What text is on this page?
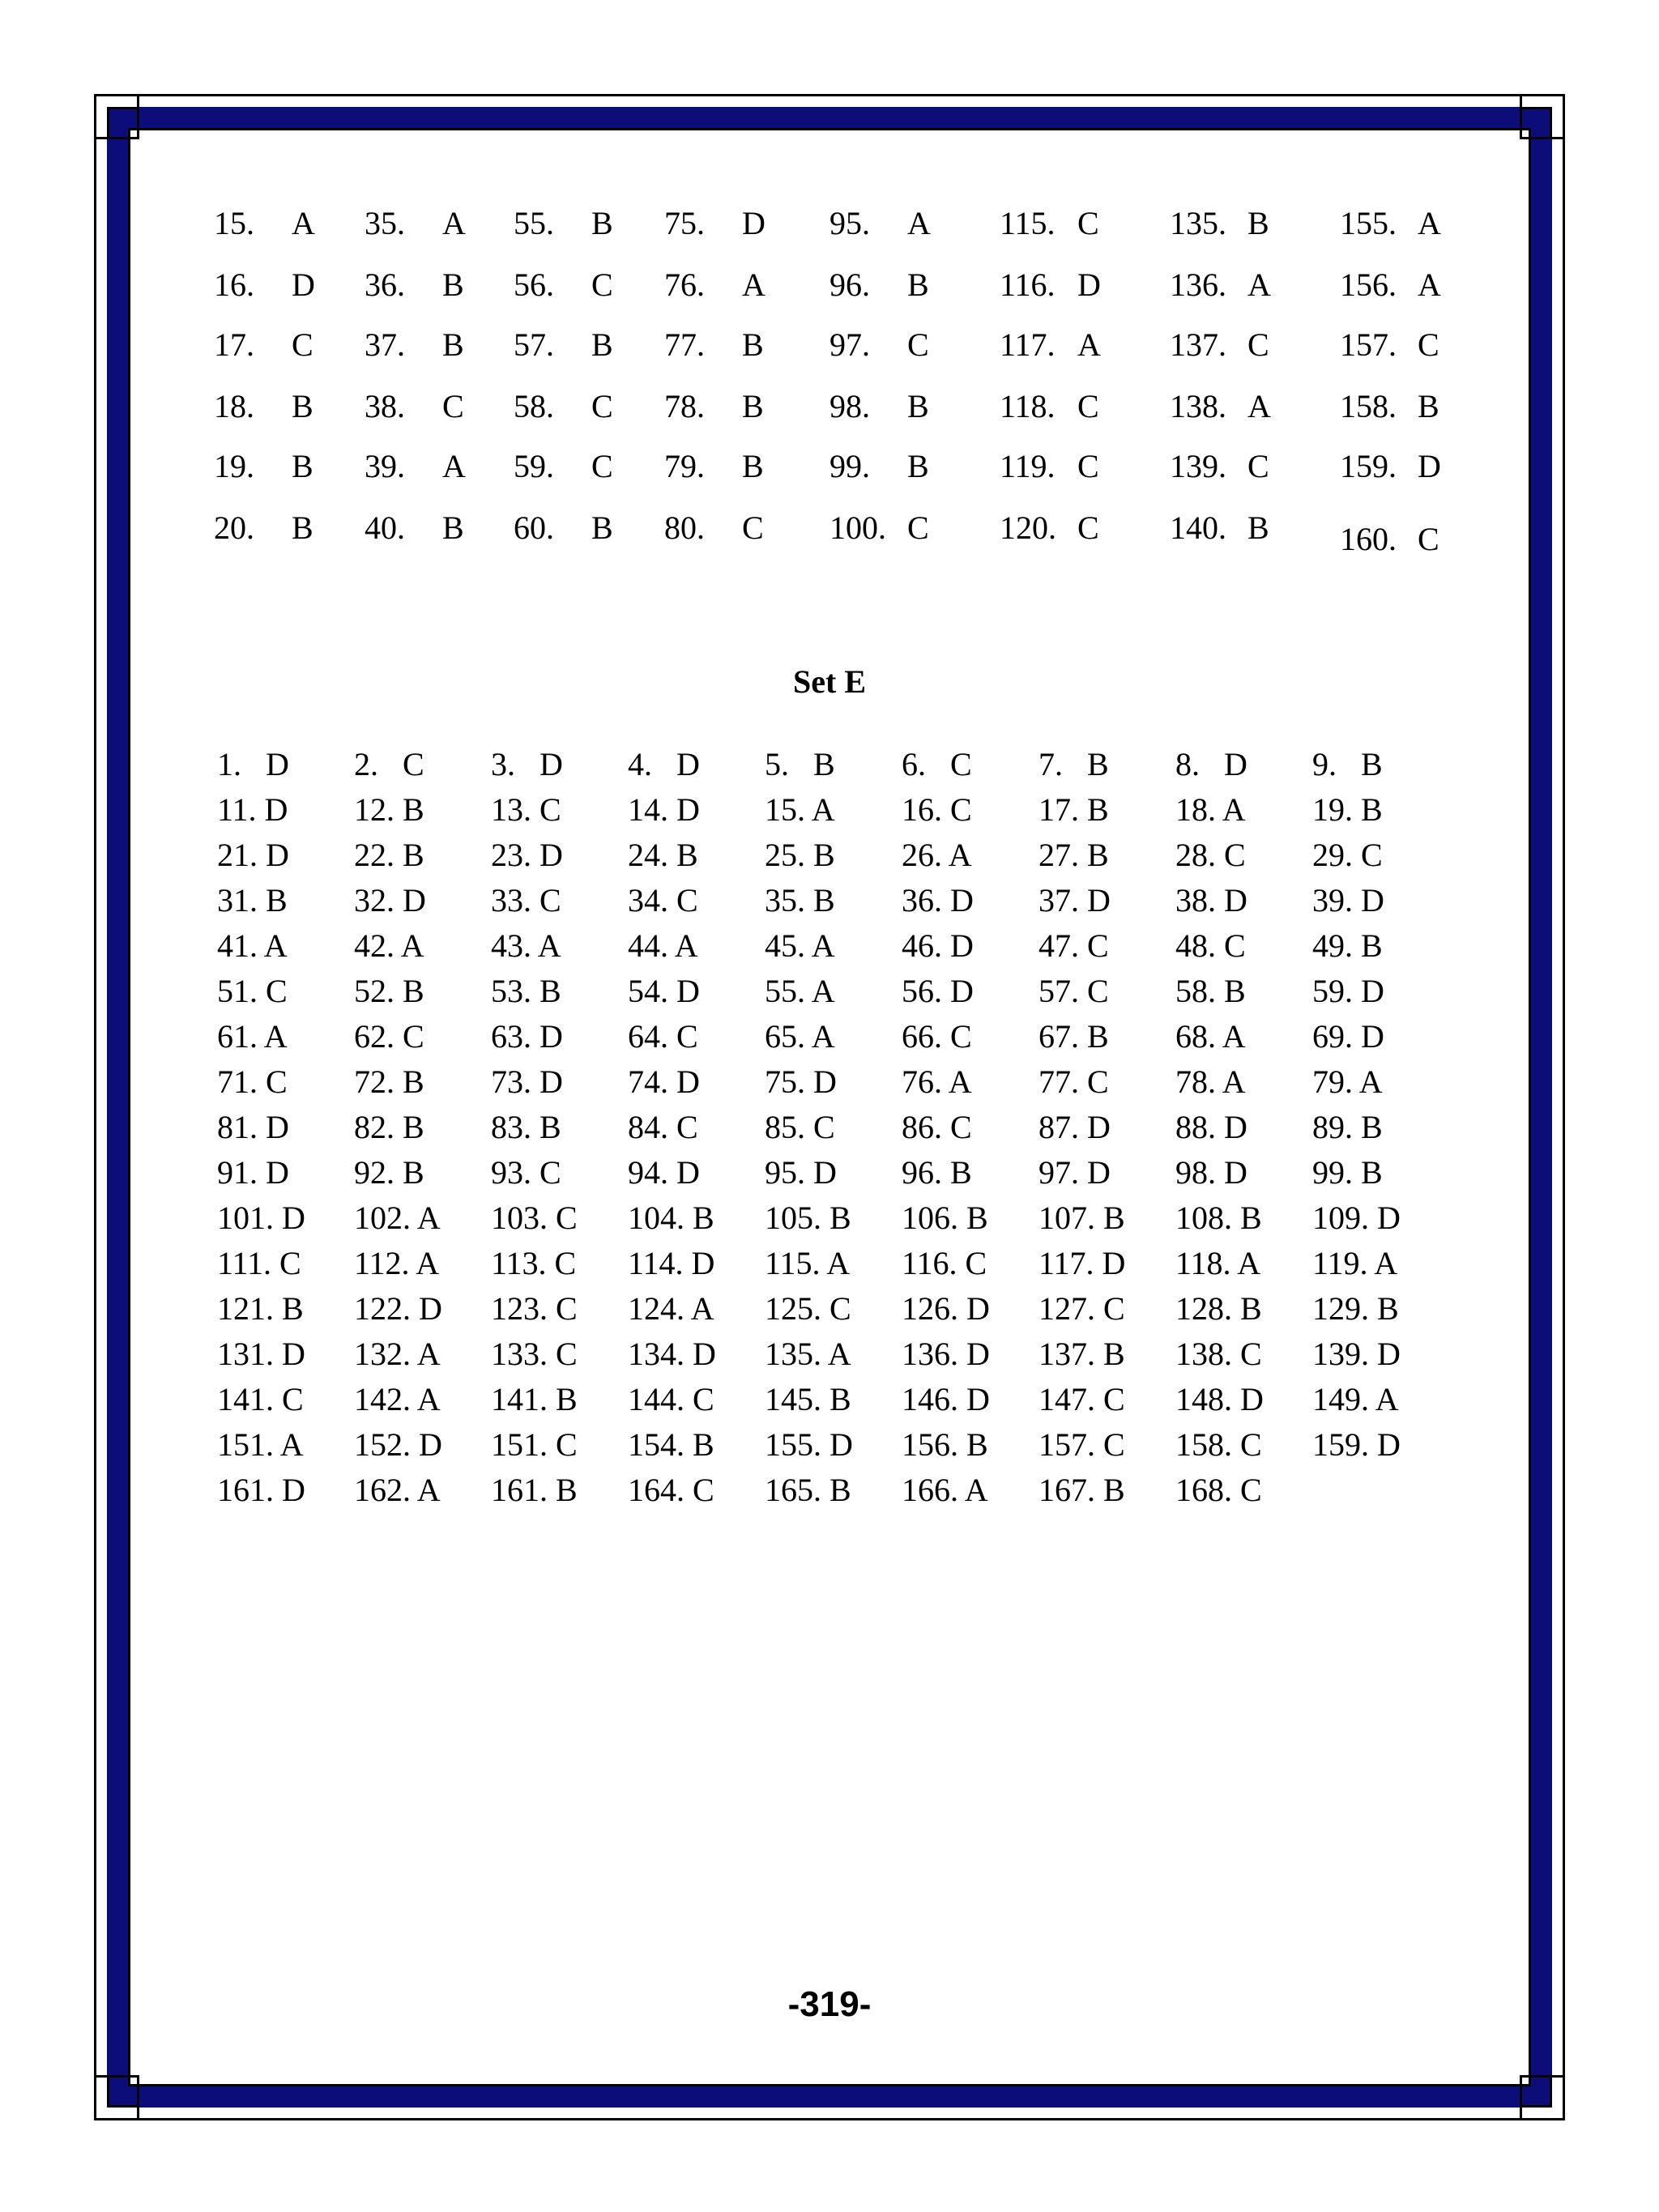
15. A
16. D
17. C
18. B
19. B
20. B
35. A
36. B
37. B
38. C
39. A
40. B
55. B
56. C
57. B
58. C
59. C
60. B
75. D
76. A
77. B
78. B
79. B
80. C
95. A
96. B
97. C
98. B
99. B
100. C
115. C
116. D
117. A
118. C
119. C
120. C
135. B
136. A
137. C
138. A
139. C
140. B
155. A
156. A
157. C
158. B
159. D
160. C
Set E
1.   D 2.   C 3.   D 4.   D 5.   B 6.   C 7.   B 8.   D 9.   B
11. D 12. B 13. C 14. D 15. A 16. C 17. B 18. A 19. B
21. D 22. B 23. D 24. B 25. B 26. A 27. B 28. C 29. C
31. B 32. D 33. C 34. C 35. B 36. D 37. D 38. D 39. D
41. A 42. A 43. A 44. A 45. A 46. D 47. C 48. C 49. B
51. C 52. B 53. B 54. D 55. A 56. D 57. C 58. B 59. D
61. A 62. C 63. D 64. C 65. A 66. C 67. B 68. A 69. D
71. C 72. B 73. D 74. D 75. D 76. A 77. C 78. A 79. A
81. D 82. B 83. B 84. C 85. C 86. C 87. D 88. D 89. B
91. D 92. B 93. C 94. D 95. D 96. B 97. D 98. D 99. B
101. D 102. A 103. C 104. B 105. B 106. B 107. B 108. B 109. D
111. C 112. A 113. C 114. D 115. A 116. C 117. D 118. A 119. A
121. B 122. D 123. C 124. A 125. C 126. D 127. C 128. B 129. B
131. D 132. A 133. C 134. D 135. A 136. D 137. B 138. C 139. D
141. C 142. A 141. B 144. C 145. B 146. D 147. C 148. D 149. A
151. A 152. D 151. C 154. B 155. D 156. B 157. C 158. C 159. D
161. D 162. A 161. B 164. C 165. B 166. A 167. B 168. C
-319-
